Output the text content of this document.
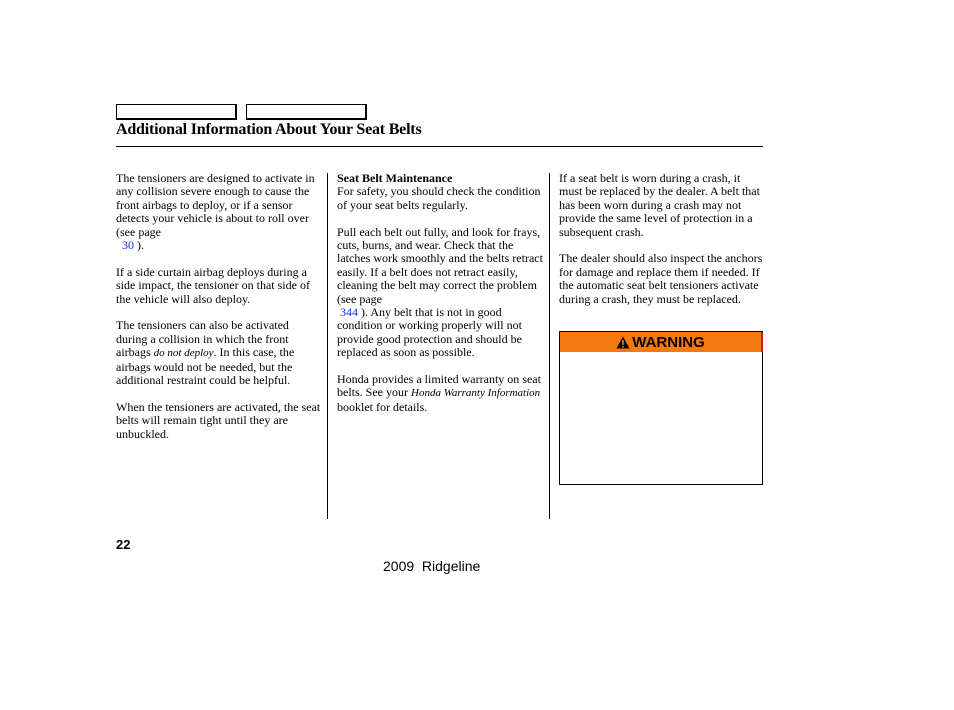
Additional Information About Your Seat Belts

The tensioners are designed to activate in any collision severe enough to cause the front airbags to deploy, or if a sensor detects your vehicle is about to roll over (see page
30 ).

If a side curtain airbag deploys during a side impact, the tensioner on that side of the vehicle will also deploy.

The tensioners can also be activated during a collision in which the front airbags do not deploy. In this case, the airbags would not be needed, but the additional restraint could be helpful.

When the tensioners are activated, the seat belts will remain tight until they are unbuckled.

Seat Belt Maintenance

For safety, you should check the condition of your seat belts regularly.

Pull each belt out fully, and look for frays, cuts, burns, and wear. Check that the latches work smoothly and the belts retract easily. If a belt does not retract easily, cleaning the belt may correct the problem (see page
344 ). Any belt that is not in good condition or working properly will not provide good protection and should be replaced as soon as possible.

Honda provides a limited warranty on seat belts. See your Honda Warranty Information booklet for details.

If a seat belt is worn during a crash, it must be replaced by the dealer. A belt that has been worn during a crash may not provide the same level of protection in a subsequent crash.

The dealer should also inspect the anchors for damage and replace them if needed. If the automatic seat belt tensioners activate during a crash, they must be replaced.

WARNING
22
2009  Ridgeline
